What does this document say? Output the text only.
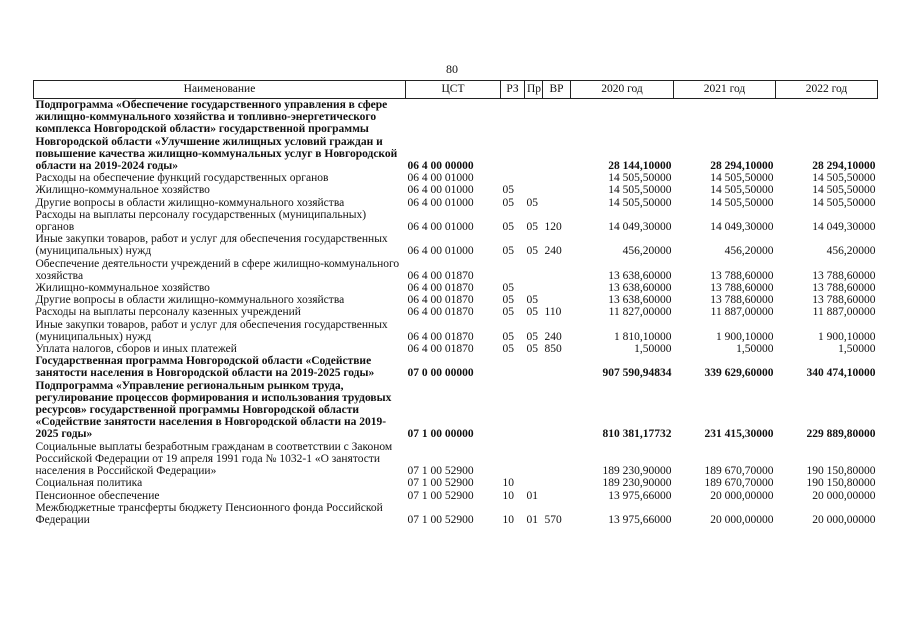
80
Наименование	ЦСТ	РЗ	Пр	ВР	2020 год	2021 год	2022 год
Подпрограмма «Обеспечение государственного управления в сфере жилищно-коммунального хозяйства и топливно-энергетического комплекса Новгородской области» государственной программы Новгородской области «Улучшение жилищных условий граждан и повышение качества жилищно-коммунальных услуг в Новгородской области на 2019-2024 годы»	06 4 00 00000				28 144,10000	28 294,10000	28 294,10000
Расходы на обеспечение функций государственных органов	06 4 00 01000				14 505,50000	14 505,50000	14 505,50000
Жилищно-коммунальное хозяйство	06 4 00 01000	05			14 505,50000	14 505,50000	14 505,50000
Другие вопросы в области жилищно-коммунального хозяйства	06 4 00 01000	05	05		14 505,50000	14 505,50000	14 505,50000
Расходы на выплаты персоналу государственных (муниципальных) органов	06 4 00 01000	05	05	120	14 049,30000	14 049,30000	14 049,30000
Иные закупки товаров, работ и услуг для обеспечения государственных (муниципальных) нужд	06 4 00 01000	05	05	240	456,20000	456,20000	456,20000
Обеспечение деятельности учреждений в сфере жилищно-коммунального хозяйства	06 4 00 01870				13 638,60000	13 788,60000	13 788,60000
Жилищно-коммунальное хозяйство	06 4 00 01870	05			13 638,60000	13 788,60000	13 788,60000
Другие вопросы в области жилищно-коммунального хозяйства	06 4 00 01870	05	05		13 638,60000	13 788,60000	13 788,60000
Расходы на выплаты персоналу казенных учреждений	06 4 00 01870	05	05	110	11 827,00000	11 887,00000	11 887,00000
Иные закупки товаров, работ и услуг для обеспечения государственных (муниципальных) нужд	06 4 00 01870	05	05	240	1 810,10000	1 900,10000	1 900,10000
Уплата налогов, сборов и иных платежей	06 4 00 01870	05	05	850	1,50000	1,50000	1,50000
Государственная программа Новгородской области «Содействие занятости населения в Новгородской области на 2019-2025 годы»	07 0 00 00000				907 590,94834	339 629,60000	340 474,10000
Подпрограмма «Управление региональным рынком труда, регулирование процессов формирования и использования трудовых ресурсов» государственной программы Новгородской области «Содействие занятости населения в Новгородской области на 2019-2025 годы»	07 1 00 00000				810 381,17732	231 415,30000	229 889,80000
Социальные выплаты безработным гражданам в соответствии с Законом Российской Федерации от 19 апреля 1991 года № 1032-1 «О занятости населения в Российской Федерации»	07 1 00 52900				189 230,90000	189 670,70000	190 150,80000
Социальная политика	07 1 00 52900	10			189 230,90000	189 670,70000	190 150,80000
Пенсионное обеспечение	07 1 00 52900	10	01		13 975,66000	20 000,00000	20 000,00000
Межбюджетные трансферты бюджету Пенсионного фонда Российской Федерации	07 1 00 52900	10	01	570	13 975,66000	20 000,00000	20 000,00000
